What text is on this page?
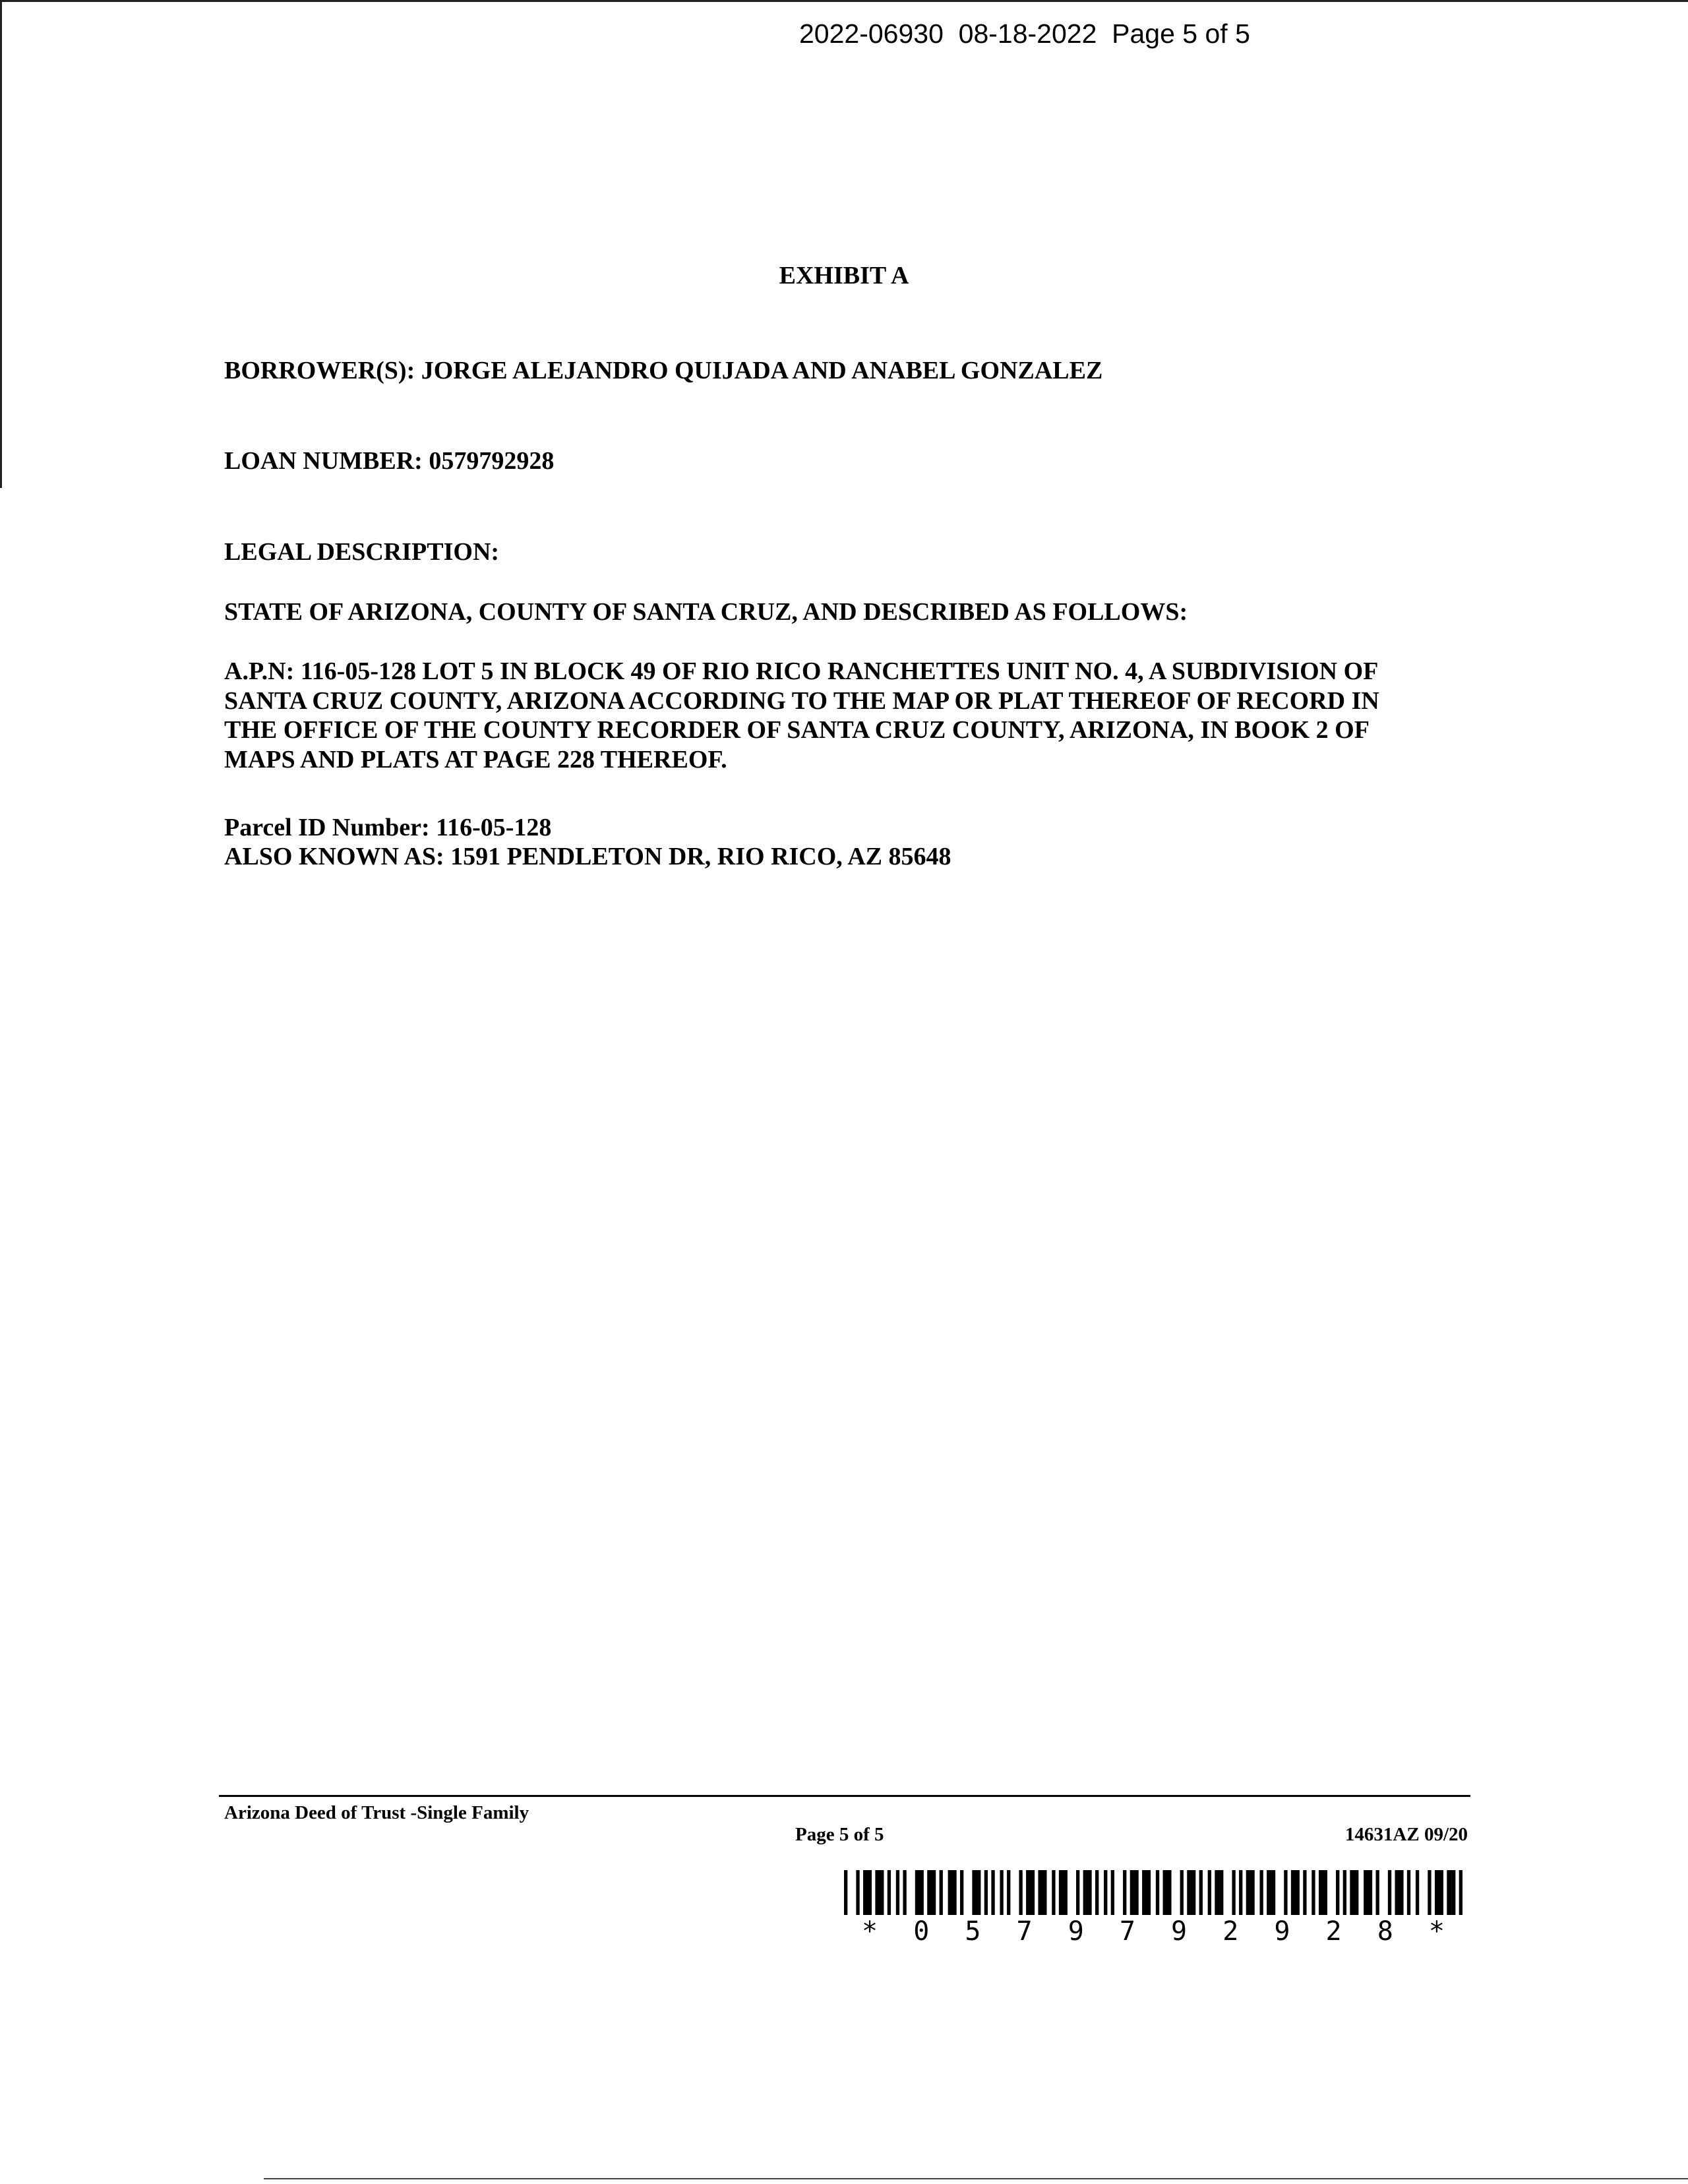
2022-06930  08-18-2022  Page 5 of 5
EXHIBIT A
BORROWER(S): JORGE ALEJANDRO QUIJADA AND ANABEL GONZALEZ
LOAN NUMBER: 0579792928
LEGAL DESCRIPTION:
STATE OF ARIZONA, COUNTY OF SANTA CRUZ, AND DESCRIBED AS FOLLOWS:
A.P.N: 116-05-128 LOT 5 IN BLOCK 49 OF RIO RICO RANCHETTES UNIT NO. 4, A SUBDIVISION OF
SANTA CRUZ COUNTY, ARIZONA ACCORDING TO THE MAP OR PLAT THEREOF OF RECORD IN
THE OFFICE OF THE COUNTY RECORDER OF SANTA CRUZ COUNTY, ARIZONA, IN BOOK 2 OF
MAPS AND PLATS AT PAGE 228 THEREOF.
Parcel ID Number: 116-05-128
ALSO KNOWN AS: 1591 PENDLETON DR, RIO RICO, AZ 85648
Arizona Deed of Trust -Single Family
Page 5 of 5	14631AZ 09/20
* 0 5 7 9 7 9 2 9 2 8 *
